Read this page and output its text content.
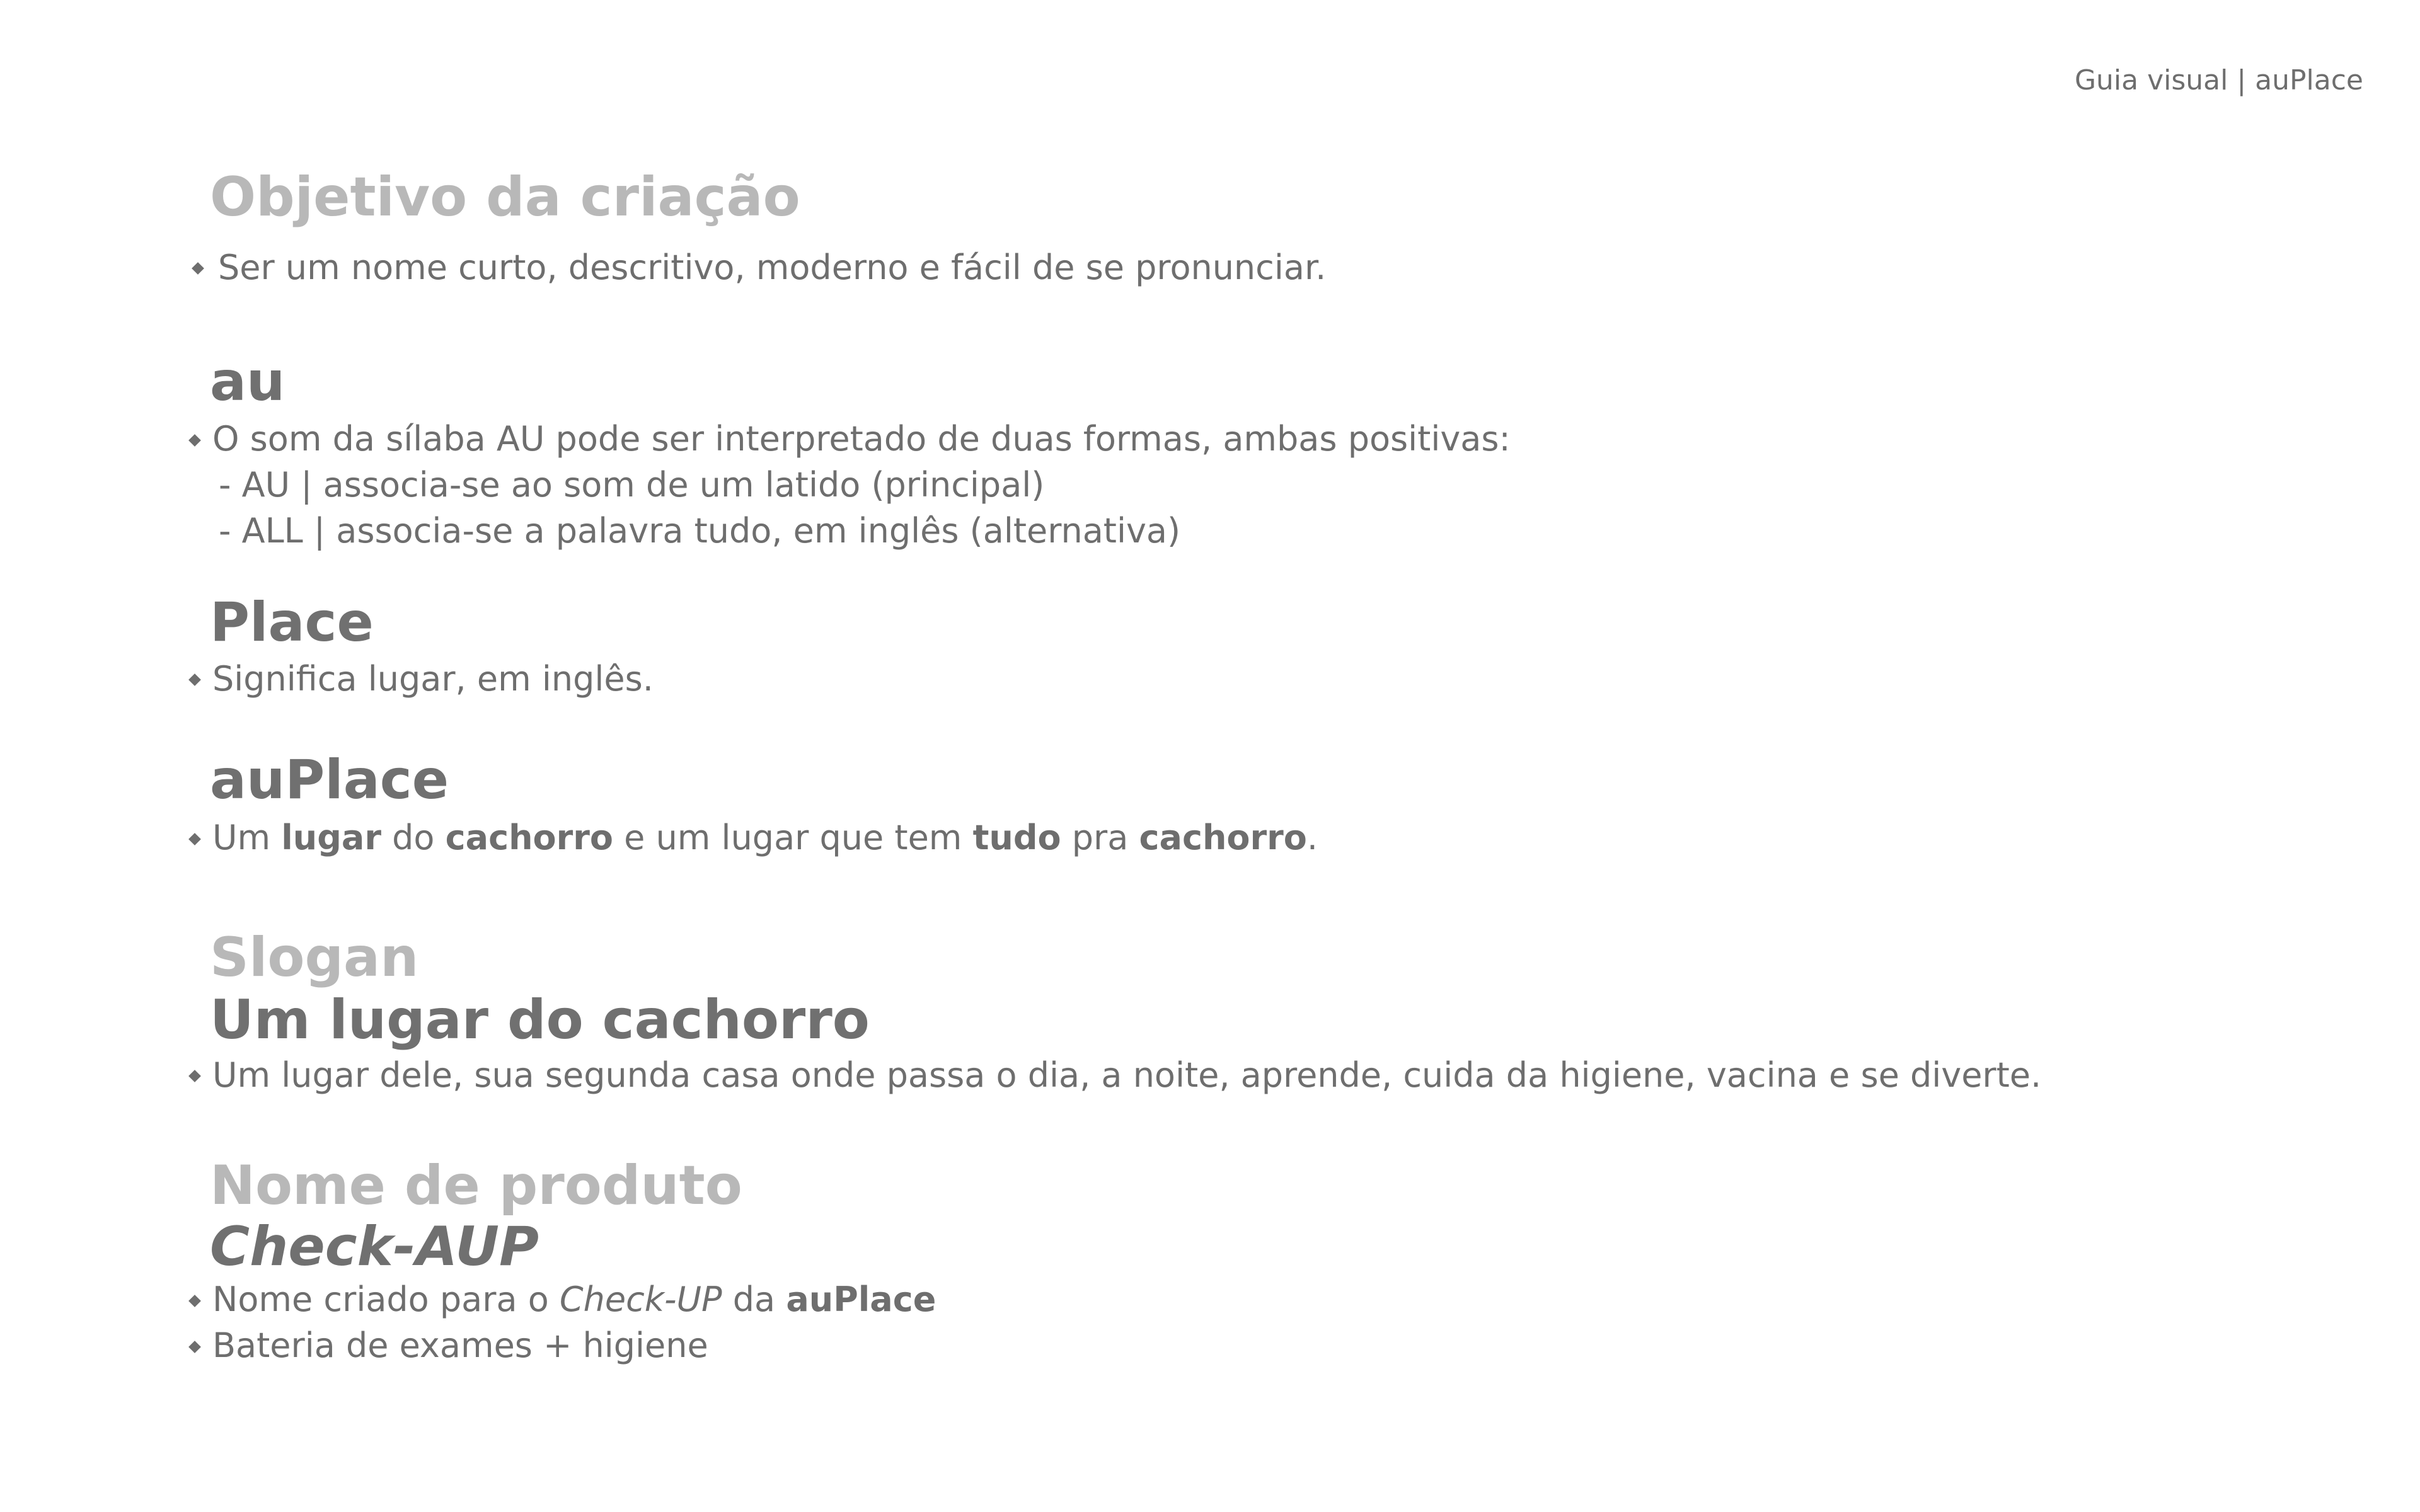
Guia visual | auPlace
Objetivo da criação
Ser um nome curto, descritivo, moderno e fácil de se pronunciar.
au
O som da sílaba AU pode ser interpretado de duas formas, ambas positivas:
- AU | associa-se ao som de um latido (principal)
- ALL | associa-se a palavra tudo, em inglês (alternativa)
Place
Significa lugar, em inglês.
auPlace
Um lugar do cachorro e um lugar que tem tudo pra cachorro.
Slogan
Um lugar do cachorro
Um lugar dele, sua segunda casa onde passa o dia, a noite, aprende, cuida da higiene, vacina e se diverte.
Nome de produto
Check-AUP
Nome criado para o Check-UP da auPlace
Bateria de exames + higiene
